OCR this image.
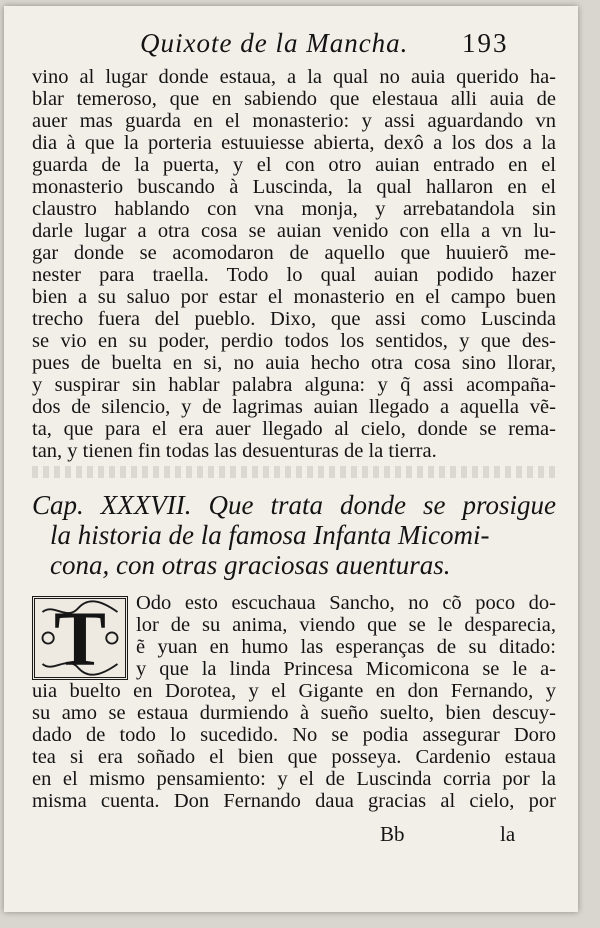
Quixote de la Mancha. 193
vino al lugar donde estaua, a la qual no auia querido ha-
blar temeroso, que en sabiendo que elestaua alli auia de
auer mas guarda en el monasterio: y assi aguardando vn
dia à que la porteria estuuiesse abierta, dexô a los dos a la
guarda de la puerta, y el con otro auian entrado en el
monasterio buscando à Luscinda, la qual hallaron en el
claustro hablando con vna monja, y arrebatandola sin
darle lugar a otra cosa se auian venido con ella a vn lu-
gar donde se acomodaron de aquello que huuierõ me-
nester para traella. Todo lo qual auian podido hazer
bien a su saluo por estar el monasterio en el campo buen
trecho fuera del pueblo. Dixo, que assi como Luscinda
se vio en su poder, perdio todos los sentidos, y que des-
pues de buelta en si, no auia hecho otra cosa sino llorar,
y suspirar sin hablar palabra alguna: y q̃ assi acompaña-
dos de silencio, y de lagrimas auian llegado a aquella vẽ-
ta, que para el era auer llegado al cielo, donde se rema-
tan, y tienen fin todas las desuenturas de la tierra.
Cap. XXXVII. Que trata donde se prosigue
la historia de la famosa Infanta Micomi-
cona, con otras graciosas auenturas.
T	Odo esto escuchaua Sancho, no cõ poco do-
lor de su anima, viendo que se le desparecia,
ẽ yuan en humo las esperanças de su ditado:
y que la linda Princesa Micomicona se le a-
uia buelto en Dorotea, y el Gigante en don Fernando, y
su amo se estaua durmiendo à sueño suelto, bien descuy-
dado de todo lo sucedido. No se podia assegurar Doro
tea si era soñado el bien que posseya. Cardenio estaua
en el mismo pensamiento: y el de Luscinda corria por la
misma cuenta. Don Fernando daua gracias al cielo, por
Bb	la
